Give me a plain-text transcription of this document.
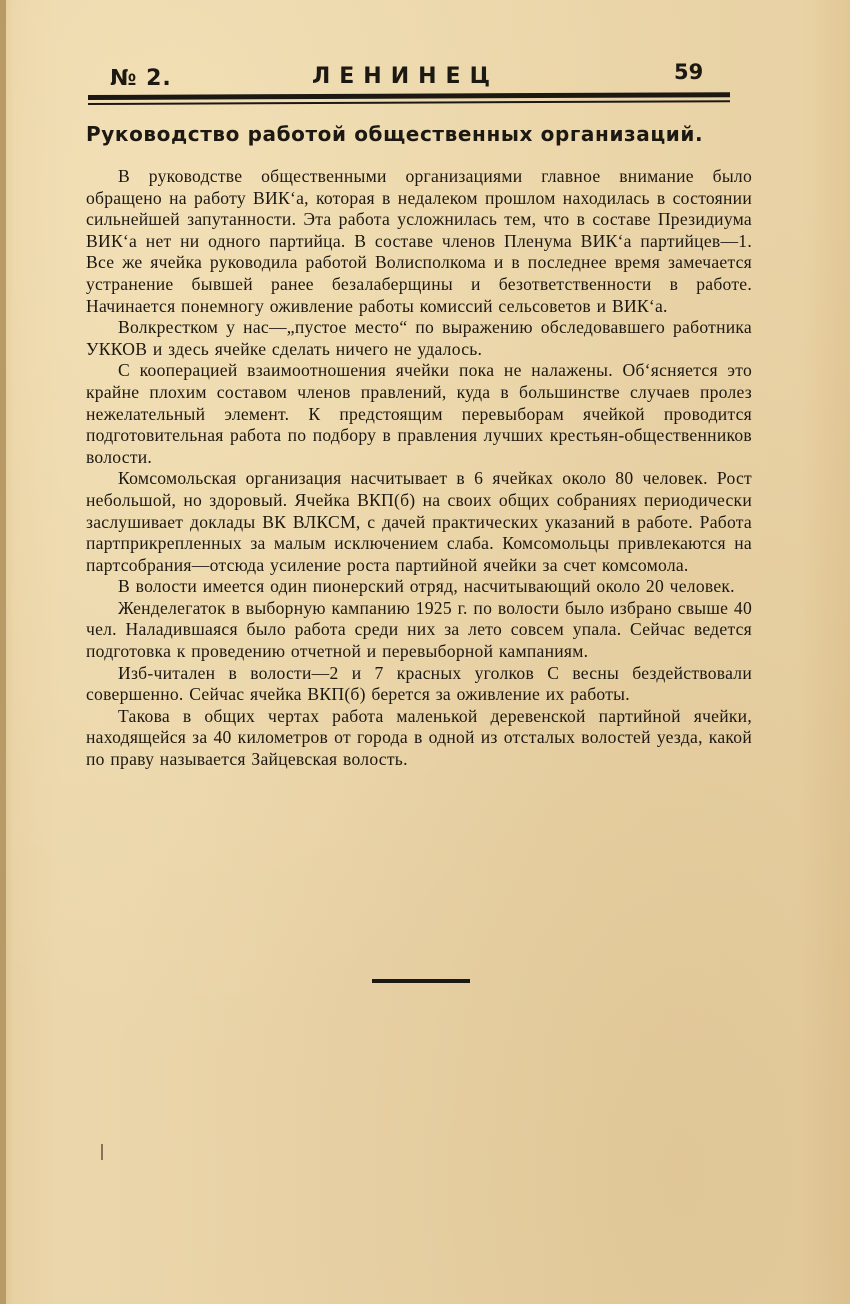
№ 2.	ЛЕНИНЕЦ	59
Руководство работой общественных организаций.

В руководстве общественными организациями главное внимание было обращено на работу ВИК‘а, которая в недалеком прошлом находилась в состоянии сильнейшей запутанности. Эта работа усложнилась тем, что в составе Президиума ВИК‘а нет ни одного партийца. В составе членов Пленума ВИК‘а партийцев—1. Все же ячейка руководила работой Волисполкома и в последнее время замечается устранение бывшей ранее безалаберщины и безответственности в работе. Начинается понемногу оживление работы комиссий сельсоветов и ВИК‘а.

Волкрестком у нас—„пустое место“ по выражению обследовавшего работника УККОВ и здесь ячейке сделать ничего не удалось.

С кооперацией взаимоотношения ячейки пока не налажены. Об‘ясняется это крайне плохим составом членов правлений, куда в большинстве случаев пролез нежелательный элемент. К предстоящим перевыборам ячейкой проводится подготовительная работа по подбору в правления лучших крестьян-общественников волости.

Комсомольская организация насчитывает в 6 ячейках около 80 человек. Рост небольшой, но здоровый. Ячейка ВКП(б) на своих общих собраниях периодически заслушивает доклады ВК ВЛКСМ, с дачей практических указаний в работе. Работа партприкрепленных за малым исключением слаба. Комсомольцы привлекаются на партсобрания—отсюда усиление роста партийной ячейки за счет комсомола.

В волости имеется один пионерский отряд, насчитывающий около 20 человек.

Женделегаток в выборную кампанию 1925 г. по волости было избрано свыше 40 чел. Наладившаяся было работа среди них за лето совсем упала. Сейчас ведется подготовка к проведению отчетной и перевыборной кампаниям.

Изб-читален в волости—2 и 7 красных уголков С весны бездействовали совершенно. Сейчас ячейка ВКП(б) берется за оживление их работы.

Такова в общих чертах работа маленькой деревенской партийной ячейки, находящейся за 40 километров от города в одной из отсталых волостей уезда, какой по праву называется Зайцевская волость.
